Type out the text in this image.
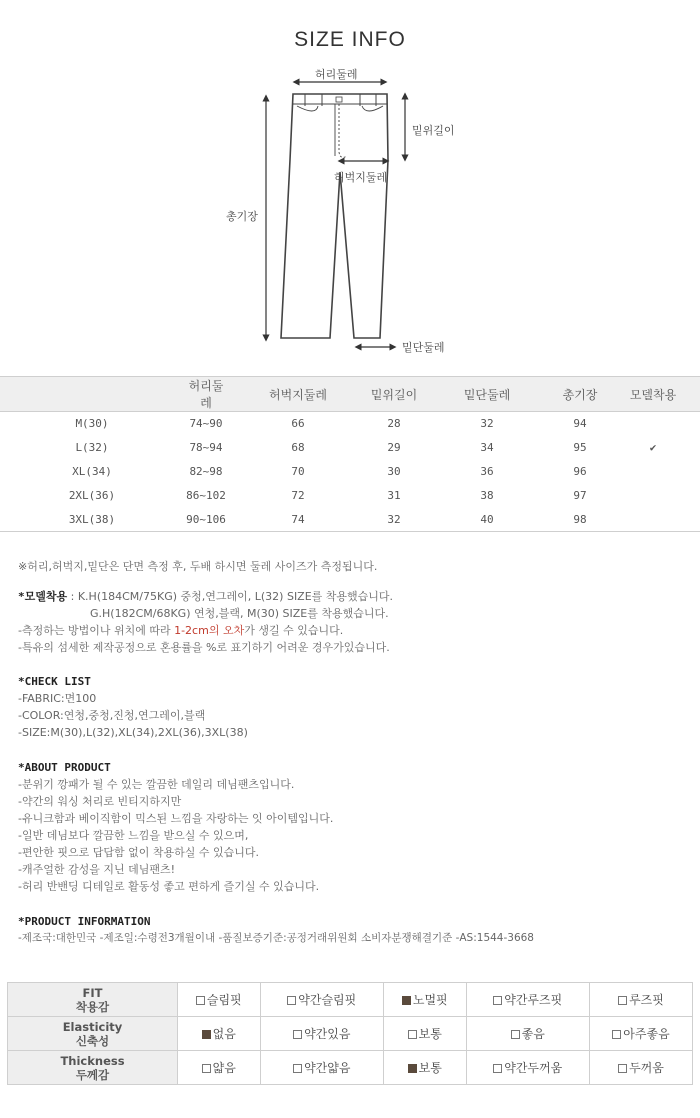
SIZE INFO
허리둘레
밑위길이
허벅지둘레
총기장
밑단둘레
	허리둘레	허벅지둘레	밑위길이	밑단둘레	총기장	모델착용
M(30)	74~90	66	28	32	94	
L(32)	78~94	68	29	34	95	✔
XL(34)	82~98	70	30	36	96	
2XL(36)	86~102	72	31	38	97	
3XL(38)	90~106	74	32	40	98	
※허리,허벅지,밑단은 단면 측정 후, 두배 하시면 둘레 사이즈가 측정됩니다.
*모델착용 : K.H(184CM/75KG) 중청,연그레이, L(32) SIZE를 착용했습니다.
G.H(182CM/68KG) 연청,블랙, M(30) SIZE를 착용했습니다.
-측정하는 방법이나 위치에 따라 1-2cm의 오차가 생길 수 있습니다.
-특유의 섬세한 제작공정으로 혼용률을 %로 표기하기 어려운 경우가있습니다.
*CHECK LIST
-FABRIC:면100
-COLOR:연청,중청,진청,연그레이,블랙
-SIZE:M(30),L(32),XL(34),2XL(36),3XL(38)
*ABOUT PRODUCT
-분위기 깡패가 될 수 있는 깔끔한 데일리 데님팬츠입니다.
-약간의 워싱 처리로 빈티지하지만
-유니크함과 베이직함이 믹스된 느낌을 자랑하는 잇 아이템입니다.
-일반 데님보다 깔끔한 느낌을 받으실 수 있으며,
-편안한 핏으로 답답함 없이 착용하실 수 있습니다.
-캐주얼한 감성을 지닌 데님팬츠!
-허리 반밴딩 디테일로 활동성 좋고 편하게 즐기실 수 있습니다.
*PRODUCT INFORMATION
-제조국:대한민국 -제조일:수령전3개월이내 -품질보증기준:공정거래위원회 소비자분쟁해결기준 -AS:1544-3668
FIT
착용감	슬림핏	약간슬림핏	노멀핏	약간루즈핏	루즈핏

Elasticity
신축성	없음	약간있음	보통	좋음	아주좋음

Thickness
두께감	얇음	약간얇음	보통	약간두꺼움	두꺼움
